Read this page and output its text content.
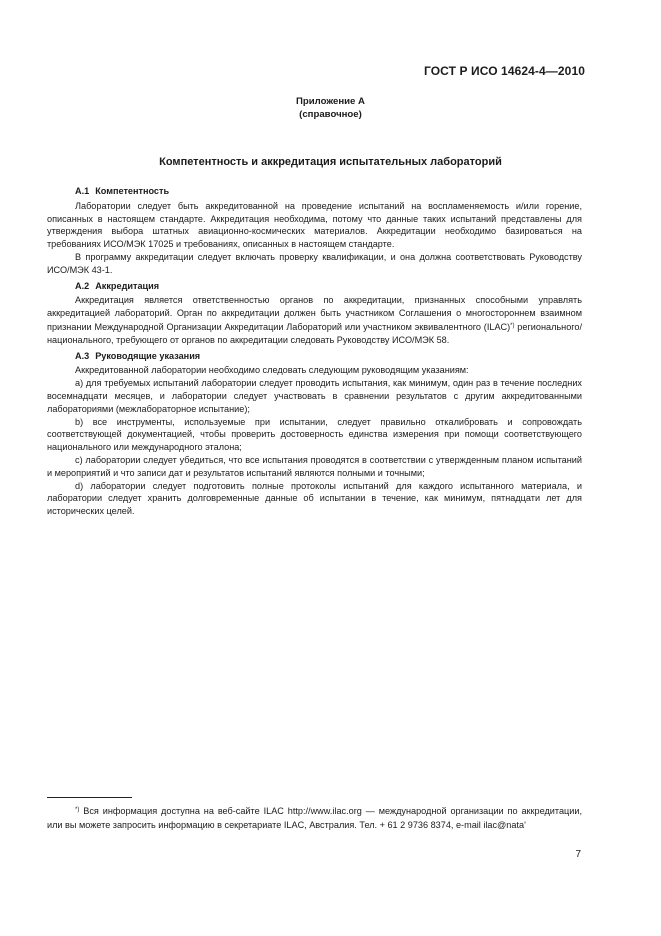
ГОСТ Р ИСО 14624-4—2010
Приложение А
(справочное)
Компетентность и аккредитация испытательных лабораторий
А.1 Компетентность

Лаборатории следует быть аккредитованной на проведение испытаний на воспламеняемость и/или горение, описанных в настоящем стандарте. Аккредитация необходима, потому что данные таких испытаний представлены для утверждения выбора штатных авиационно-космических материалов. Аккредитации необходимо базироваться на требованиях ИСО/МЭК 17025 и требованиях, описанных в настоящем стандарте.

В программу аккредитации следует включать проверку квалификации, и она должна соответствовать Руководству ИСО/МЭК 43-1.

А.2 Аккредитация

Аккредитация является ответственностью органов по аккредитации, признанных способными управлять аккредитацией лабораторий. Орган по аккредитации должен быть участником Соглашения о многостороннем взаимном признании Международной Организации Аккредитации Лабораторий или участником эквивалентного (ILAC)*) регионального/национального, требующего от органов по аккредитации следовать Руководству ИСО/МЭК 58.

А.3 Руководящие указания

Аккредитованной лаборатории необходимо следовать следующим руководящим указаниям:

a) для требуемых испытаний лаборатории следует проводить испытания, как минимум, один раз в течение последних восемнадцати месяцев, и лаборатории следует участвовать в сравнении результатов с другим аккредитованными лабораториями (межлабораторное испытание);

b) все инструменты, используемые при испытании, следует правильно откалибровать и сопровождать соответствующей документацией, чтобы проверить достоверность единства измерения при помощи соответствующего национального или международного эталона;

c) лаборатории следует убедиться, что все испытания проводятся в соответствии с утвержденным планом испытаний и мероприятий и что записи дат и результатов испытаний являются полными и точными;

d) лаборатории следует подготовить полные протоколы испытаний для каждого испытанного материала, и лаборатории следует хранить долговременные данные об испытании в течение, как минимум, пятнадцати лет для исторических целей.

*) Вся информация доступна на веб-сайте ILAC http://www.ilac.org — международной организации по аккредитации, или вы можете запросить информацию в секретариате ILAC, Австралия. Тел. + 61 2 9736 8374, e-mail ilac@nata'
7
